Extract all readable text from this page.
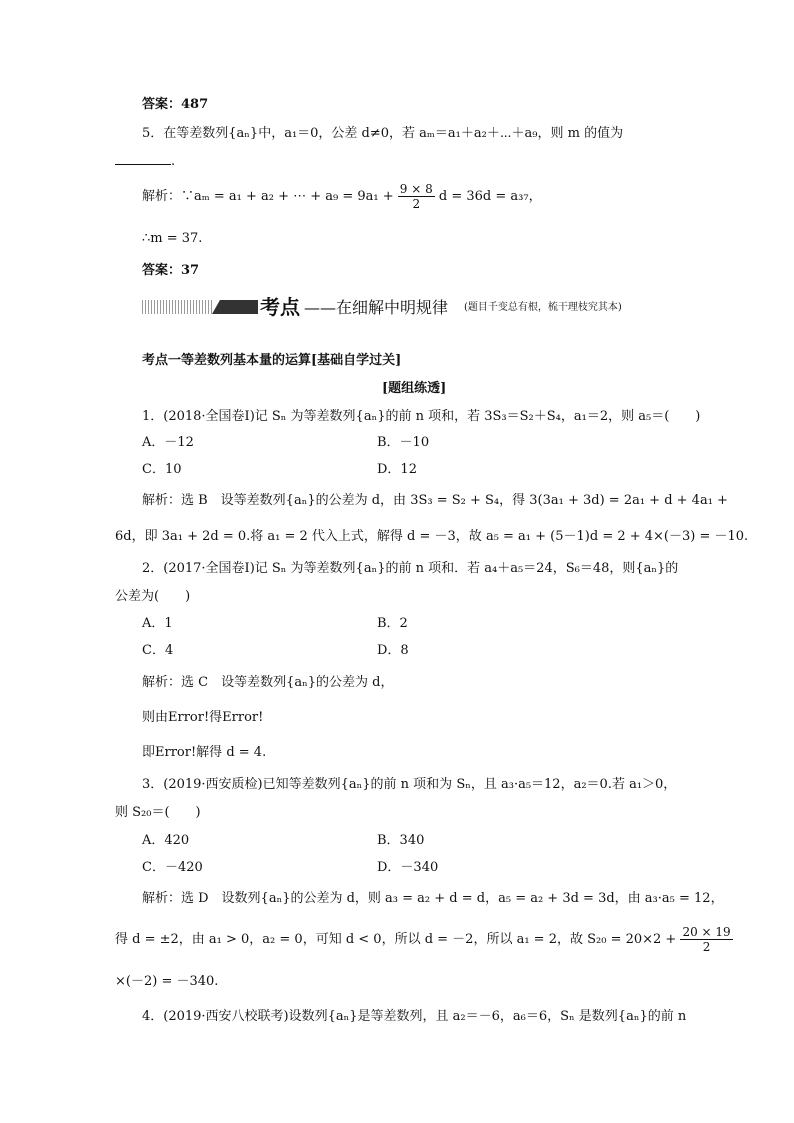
答案：487
5．在等差数列{aₙ}中，a₁＝0，公差 d≠0，若 aₘ＝a₁＋a₂＋⋯＋a₉，则 m 的值为
.
解析：∵aₘ = a₁ + a₂ + ⋯ + $a_9 = 9a_1 + \frac{9 \times 8}{2}$ d = 36d = a₃₇，
∴m = 37.
答案：37
考点 ——在细解中明规律 (题目千变总有根，梳干理枝究其本)
考点一等差数列基本量的运算[基础自学过关]
[题组练透]
1．(2018·全国卷Ⅰ)记 Sₙ 为等差数列{aₙ}的前 n 项和，若 3S₃＝S₂＋S₄，a₁＝2，则 a₅＝(　　)
A．－12	B．－10
C．10	D．12
解析：选 B　设等差数列{aₙ}的公差为 d，由 3S₃ = S₂ + S₄，得 3(3a₁ + 3d) = 2a₁ + d + 4a₁ +
6d，即 3a₁ + 2d = 0.将 a₁ = 2 代入上式，解得 d = －3，故 a₅ = a₁ + (5－1)d = 2 + 4×(－3) = －10.
2．(2017·全国卷Ⅰ)记 Sₙ 为等差数列{aₙ}的前 n 项和．若 a₄＋a₅＝24，S₆＝48，则{aₙ}的
公差为(　　)
A．1	B．2
C．4	D．8
解析：选 C　设等差数列{aₙ}的公差为 d，
则由Error!得Error!
即Error!解得 d = 4.
3．(2019·西安质检)已知等差数列{aₙ}的前 n 项和为 Sₙ，且 a₃·a₅＝12，a₂＝0.若 a₁＞0，
则 S₂₀＝(　　)
A．420	B．340
C．－420	D．－340
解析：选 D　设数列{aₙ}的公差为 d，则 a₃ = a₂ + d = d，a₅ = a₂ + 3d = 3d，由 a₃·a₅ = 12，
得 d = ±2，由 a₁ > 0，a₂ = 0，可知 d < 0，所以 d = －2，所以 a₁ = 2，故 $S_{20} = 20\times 2 + \frac{20 \times 19}{2}$
×(－2) = －340.
4．(2019·西安八校联考)设数列{aₙ}是等差数列，且 a₂＝－6，a₆＝6，Sₙ 是数列{aₙ}的前 n
